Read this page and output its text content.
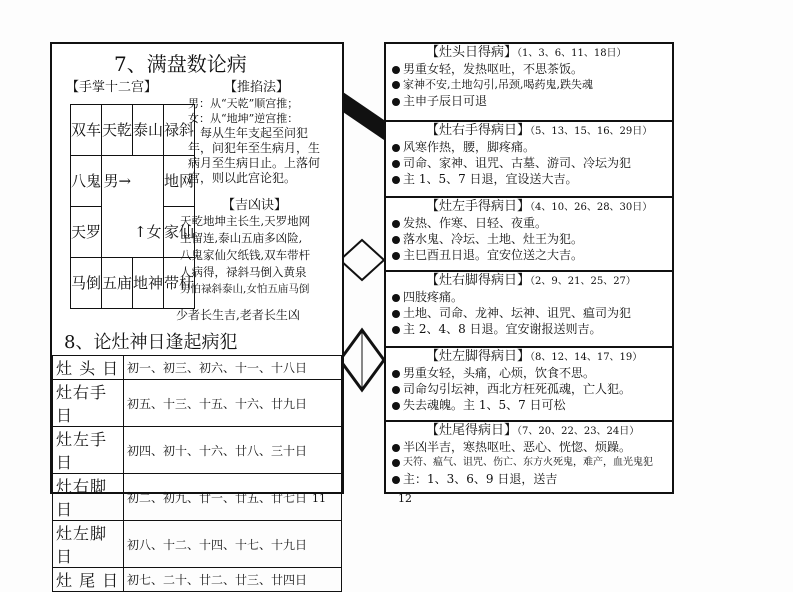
7、满盘数论病
【手掌十二宫】	【推掐法】
双车	天乾	泰山	禄斜
八鬼	男→		地网
天罗		↑女	家仙
马倒	五庙	地神	带杆
男：从“天乾”顺宫推；
女：从“地坤”逆宫推：
每从生年支起至问犯
年，问犯年至生病月，生
病月至生病日止。上落何
宫，则以此宫论犯。
【吉凶诀】
天乾地坤主长生,天罗地网
主留连,泰山五庙多凶险,
八鬼家仙欠纸钱,双车带杆
人病得，禄斜马倒入黄泉
男怕禄斜泰山,女怕五庙马倒
少者长生吉,老者长生凶
8、论灶神日逢起病犯
灶 头 日	初一、初三、初六、十一、十八日
灶右手日	初五、十三、十五、十六、廿九日
灶左手日	初四、初十、十六、廿八、三十日
灶右脚日	初二、初九、廿一、廿五、廿七日
灶左脚日	初八、十二、十四、十七、十九日
灶 尾 日	初七、二十、廿二、廿三、廿四日
11
【灶头日得病】（1、3、6、11、18日）
男重女轻，发热呕吐，不思茶饭。
家神不安,土地勾引,吊颈,喝药鬼,跌失魂
主申子辰日可退
【灶右手得病日】（5、13、15、16、29日）
风寒作热，腰，脚疼痛。
司命、家神、诅咒、古墓、游司、冷坛为犯
主 1、5、7 日退，宜设送大吉。
【灶左手得病日】（4、10、26、28、30日）
发热、作寒、日轻、夜重。
落水鬼、冷坛、土地、灶王为犯。
主巳酉丑日退。宜安位送之大吉。
【灶右脚得病日】（2、9、21、25、27）
四肢疼痛。
土地、司命、龙神、坛神、诅咒、瘟司为犯
主 2、4、8 日退。宜安谢报送则吉。
【灶左脚得病日】（8、12、14、17、19）
男重女轻，头痛，心烦，饮食不思。
司命勾引坛神，西北方枉死孤魂，亡人犯。
失去魂魄。主 1、5、7 日可松
【灶尾得病日】（7、20、22、23、24日）
半凶半吉，寒热呕吐、恶心、恍惚、烦躁。
天符、瘟气、诅咒、伤亡、东方火死鬼，难产，血光鬼犯
主：1、3、6、9 日退，送吉
12
